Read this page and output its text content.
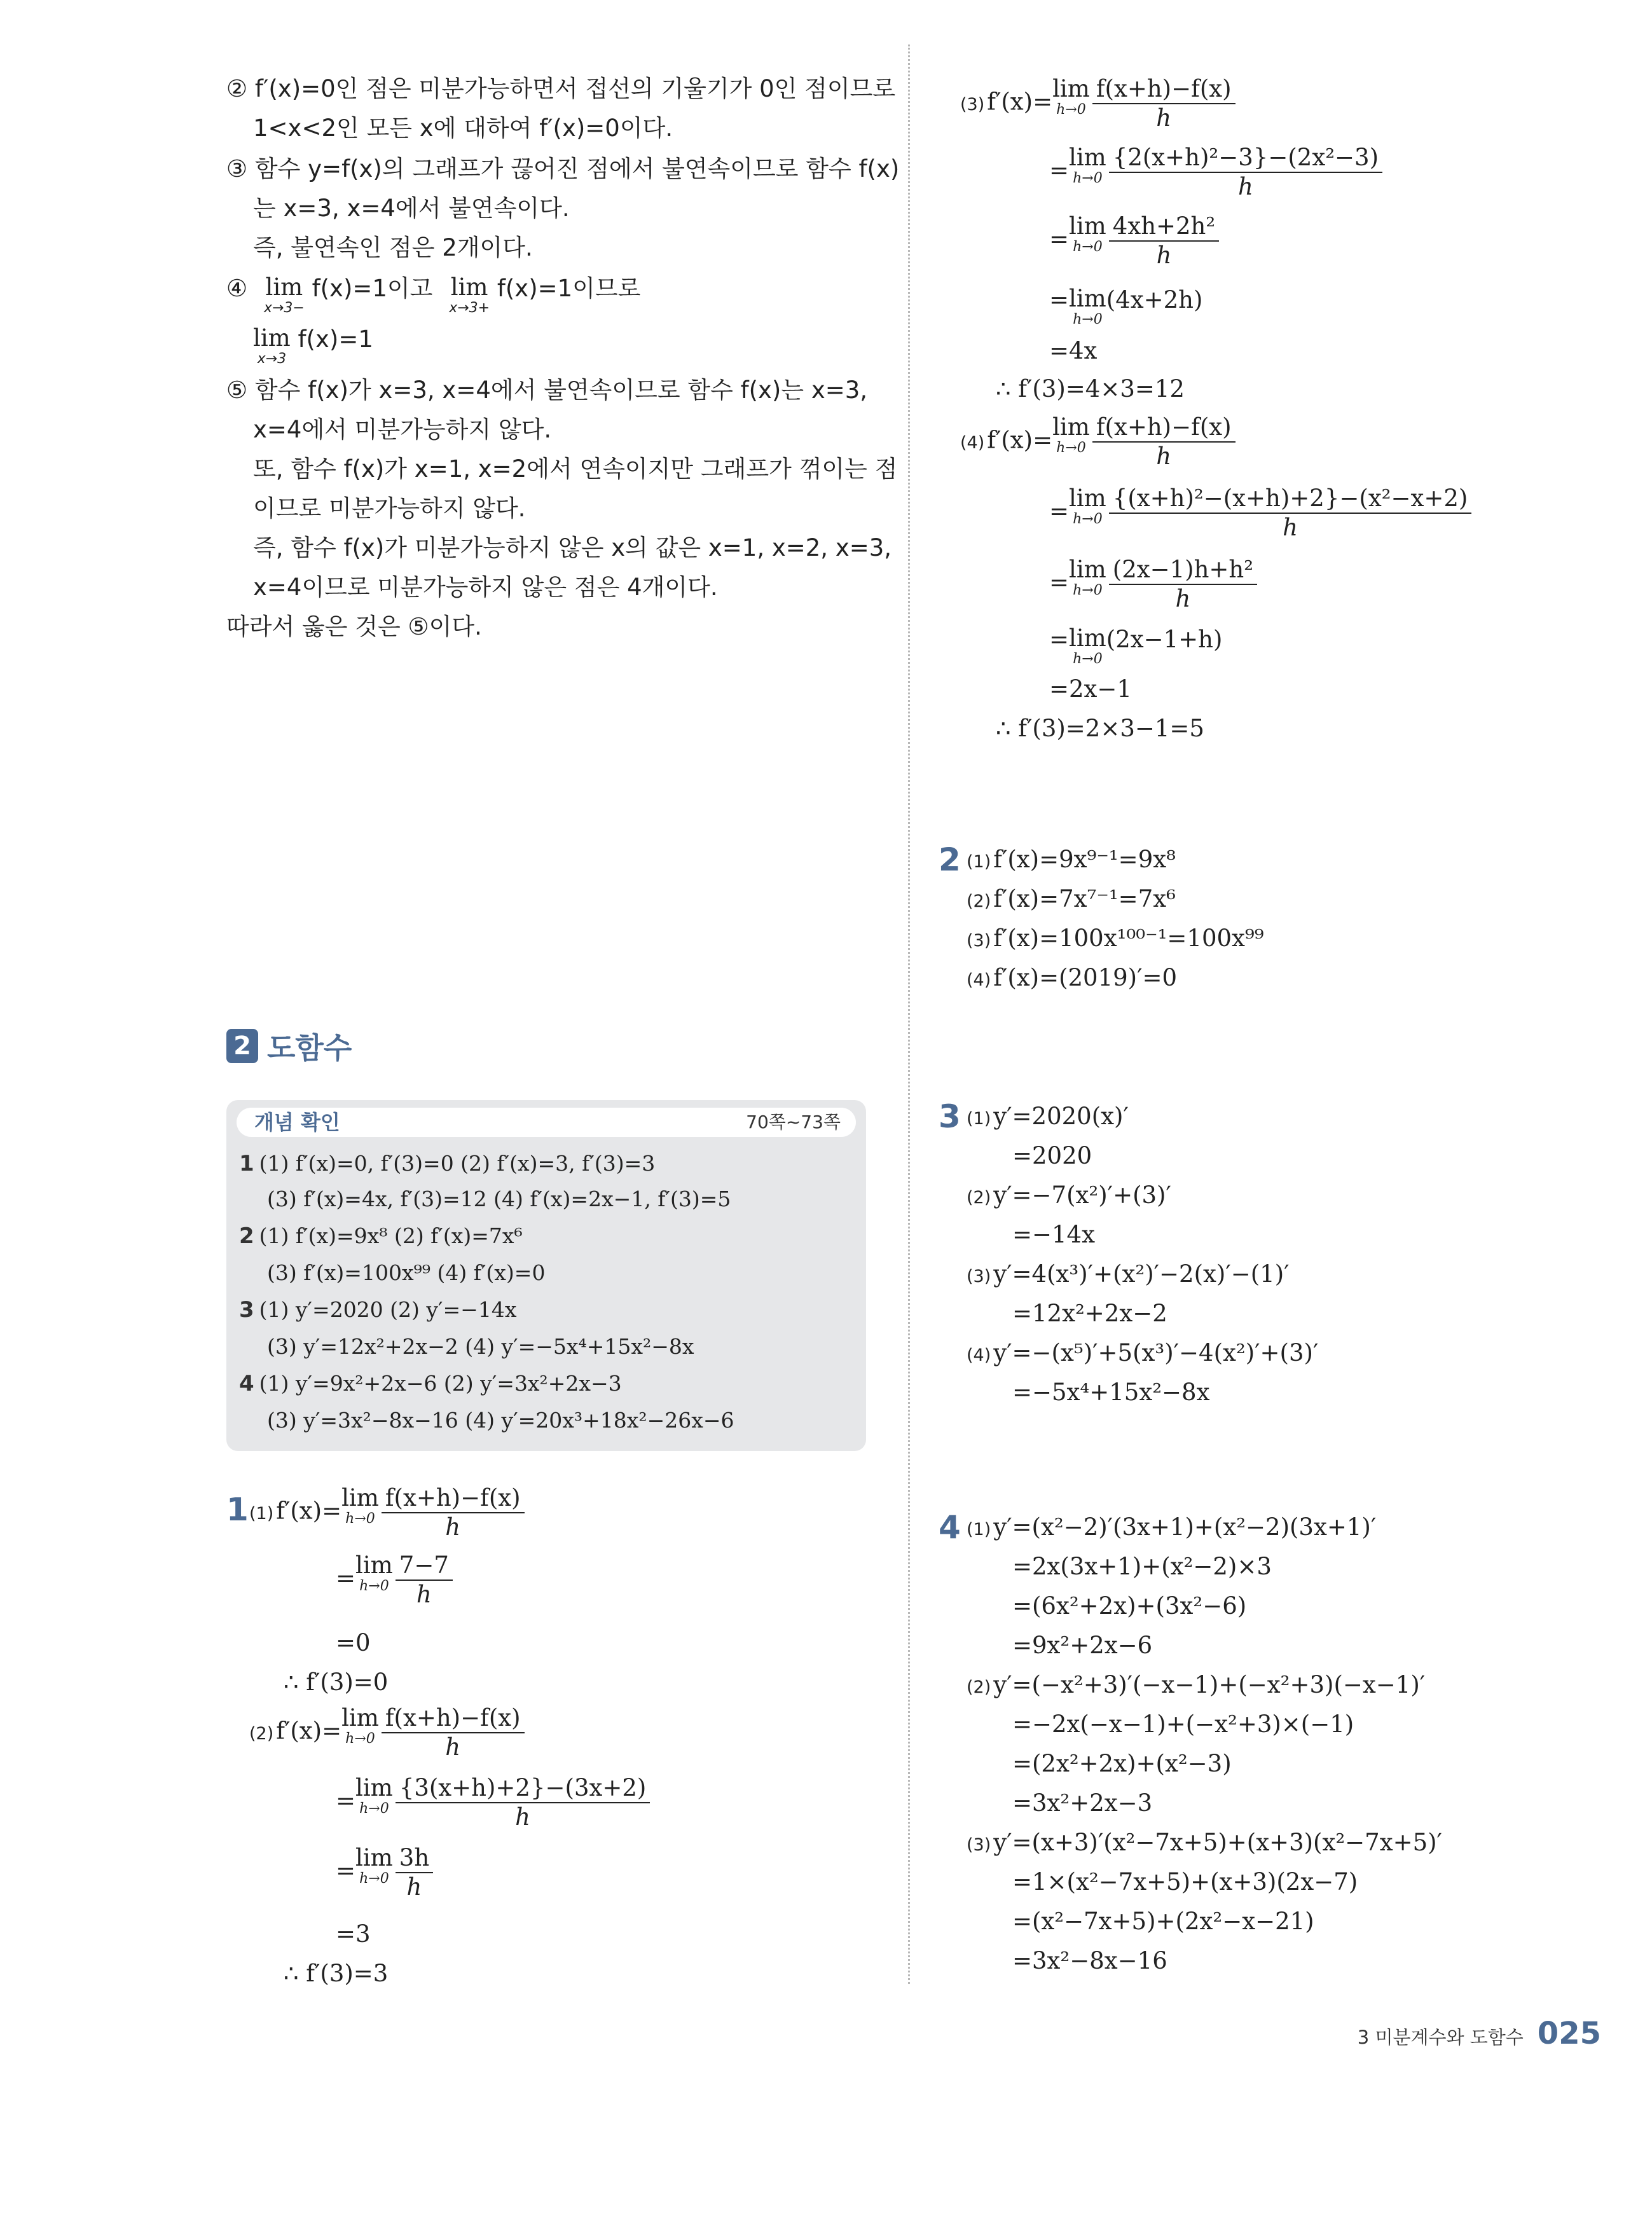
② f′(x)=0인 점은 미분가능하면서 접선의 기울기가 0인 점이므로
1<x<2인 모든 x에 대하여 f′(x)=0이다.
③ 함수 y=f(x)의 그래프가 끊어진 점에서 불연속이므로 함수 f(x)
는 x=3, x=4에서 불연속이다.
즉, 불연속인 점은 2개이다.
④ lim
x→3−
f(x)=1이고 lim
x→3+
f(x)=1이므로
lim
x→3
f(x)=1
⑤ 함수 f(x)가 x=3, x=4에서 불연속이므로 함수 f(x)는 x=3,
x=4에서 미분가능하지 않다.
또, 함수 f(x)가 x=1, x=2에서 연속이지만 그래프가 꺾이는 점
이므로 미분가능하지 않다.
즉, 함수 f(x)가 미분가능하지 않은 x의 값은 x=1, x=2, x=3,
x=4이므로 미분가능하지 않은 점은 4개이다.
따라서 옳은 것은 ⑤이다.
2 도함수
개념 확인	70쪽~73쪽
1 (1) f′(x)=0, f′(3)=0 (2) f′(x)=3, f′(3)=3
(3) f′(x)=4x, f′(3)=12 (4) f′(x)=2x−1, f′(3)=5
2 (1) f′(x)=9x⁸ (2) f′(x)=7x⁶
(3) f′(x)=100x⁹⁹ (4) f′(x)=0
3 (1) y′=2020 (2) y′=−14x
(3) y′=12x²+2x−2 (4) y′=−5x⁴+15x²−8x
4 (1) y′=9x²+2x−6 (2) y′=3x²+2x−3
(3) y′=3x²−8x−16 (4) y′=20x³+18x²−26x−6
1 (1) f′(x)= lim
$h\to 0 \frac{f(x+h)-f(x)}{h}$
= lim
$h\to 0 \frac{7-7}{h}$
=0
∴ f′(3)=0
(2) f′(x)= lim
$h\to 0 \frac{f(x+h)-f(x)}{h}$
= lim
$h\to 0 \frac{\{3(x+h)+2\}-(3x+2)}{h}$
= lim
$h\to 0 \frac{3h}{h}$
=3
∴ f′(3)=3
(3) f′(x)= lim
$h\to 0 \frac{f(x+h)-f(x)}{h}$
= lim
$h\to 0 \frac{\text{\{2(x+h)²−3\}−(2x²−3)}}{h}$
= lim
$h\to 0 \frac{\text{4xh+2h²}}{h}$
= lim
h→0
(4x+2h)
=4x
∴ f′(3)=4×3=12
(4) f′(x)= lim
$h\to 0 \frac{f(x+h)-f(x)}{h}$
= lim
$h\to 0 \frac{\text{\{(x+h)²−(x+h)+2\}−(x²−x+2)}}{h}$
= lim
$h\to 0 \frac{\text{(2x−1)h+h²}}{h}$
= lim
h→0
(2x−1+h)
=2x−1
∴ f′(3)=2×3−1=5
2 (1) f′(x)=9x⁹⁻¹=9x⁸
(2) f′(x)=7x⁷⁻¹=7x⁶
(3) f′(x)=100x¹⁰⁰⁻¹=100x⁹⁹
(4) f′(x)=(2019)′=0
3 (1) y′=2020(x)′
=2020
(2) y′=−7(x²)′+(3)′
=−14x
(3) y′=4(x³)′+(x²)′−2(x)′−(1)′
=12x²+2x−2
(4) y′=−(x⁵)′+5(x³)′−4(x²)′+(3)′
=−5x⁴+15x²−8x
4 (1) y′=(x²−2)′(3x+1)+(x²−2)(3x+1)′
=2x(3x+1)+(x²−2)×3
=(6x²+2x)+(3x²−6)
=9x²+2x−6
(2) y′=(−x²+3)′(−x−1)+(−x²+3)(−x−1)′
=−2x(−x−1)+(−x²+3)×(−1)
=(2x²+2x)+(x²−3)
=3x²+2x−3
(3) y′=(x+3)′(x²−7x+5)+(x+3)(x²−7x+5)′
=1×(x²−7x+5)+(x+3)(2x−7)
=(x²−7x+5)+(2x²−x−21)
=3x²−8x−16
3 미분계수와 도함수 025
